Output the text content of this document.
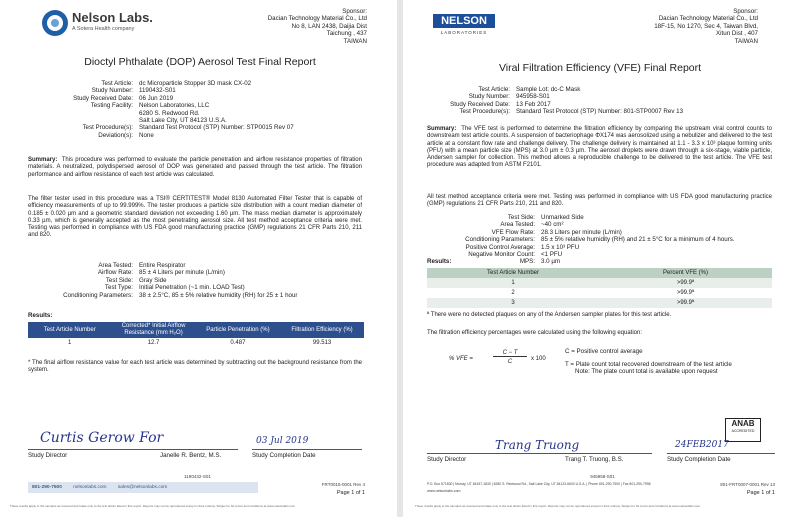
Nelson Labs.
A Sotera Health company
Sponsor:
Dacian Technology Material Co., Ltd
No 8, LAN 2438, Daijia Dist
Taichung , 437
TAIWAN
Dioctyl Phthalate (DOP) Aerosol Test Final Report
Test Article: dc Microparticle Stopper 3D mask CX-02
Study Number: 1190432-S01
Study Received Date: 06 Jun 2019
Testing Facility: Nelson Laboratories, LLC
6280 S. Redwood Rd.
Salt Lake City, UT 84123 U.S.A.
Test Procedure(s): Standard Test Protocol (STP) Number: STP0015 Rev 07
Deviation(s): None
Summary: This procedure was performed to evaluate the particle penetration and airflow resistance properties of filtration materials. A neutralized, polydispersed aerosol of DOP was generated and passed through the test article. The filtration performance and airflow resistance of each test article was calculated.
The filter tester used in this procedure was a TSI® CERTITEST® Model 8130 Automated Filter Tester that is capable of efficiency measurements of up to 99.999%. The tester produces a particle size distribution with a count median diameter of 0.185 ± 0.020 µm and a geometric standard deviation not exceeding 1.60 µm. The mass median diameter is approximately 0.33 µm, which is generally accepted as the most penetrating aerosol size. All test method acceptance criteria were met. Testing was performed in compliance with US FDA good manufacturing practice (GMP) regulations 21 CFR Parts 210, 211 and 820.
Area Tested: Entire Respirator
Airflow Rate: 85 ± 4 Liters per minute (L/min)
Test Side: Gray Side
Test Type: Initial Penetration (~1 min. LOAD Test)
Conditioning Parameters: 38 ± 2.5°C, 85 ± 5% relative humidity (RH) for 25 ± 1 hour
Results:
Test Article Number	Corrected* Initial Airflow Resistance (mm H₂O)	Particle Penetration (%)	Filtration Efficiency (%)
1	12.7	0.487	99.513
* The final airflow resistance value for each test article was determined by subtracting out the background resistance from the system.
Curtis Gerow For	03 Jul 2019
Study Director	Janelle R. Bentz, M.S.	Study Completion Date
1190432-S01
801-290-7500 nelsonlabs.com sales@nelsonlabs.com
FRT0015-0001 Rev 4
Page 1 of 1
These results apply to the samples as received and relate only to the test article listed in this report. Reports may not be reproduced except in their entirety. Subject to NL terms and conditions at www.nelsonlabs.com
NELSON
LABORATORIES
Sponsor:
Dacian Technology Material Co., Ltd
18F-15, No 1270, Sec 4, Taiwan Blvd,
Xitun Dist , 407
TAIWAN
Viral Filtration Efficiency (VFE) Final Report
Test Article: Sample Lot: dc-C Mask
Study Number: 945958-S01
Study Received Date: 13 Feb 2017
Test Procedure(s): Standard Test Protocol (STP) Number: 801-STP0007 Rev 13
Summary: The VFE test is performed to determine the filtration efficiency by comparing the upstream viral control counts to downstream test article counts. A suspension of bacteriophage ΦX174 was aerosolized using a nebulizer and delivered to the test article at a constant flow rate and challenge delivery. The challenge delivery is maintained at 1.1 - 3.3 x 10³ plaque forming units (PFU) with a mean particle size (MPS) at 3.0 µm ± 0.3 µm. The aerosol droplets were drawn through a six-stage, viable particle, Andersen sampler for collection. This method allows a reproducible challenge to be delivered to the test article. The VFE test procedure was adapted from ASTM F2101.
All test method acceptance criteria were met. Testing was performed in compliance with US FDA good manufacturing practice (GMP) regulations 21 CFR Parts 210, 211 and 820.
Test Side: Unmarked Side
Area Tested: ~40 cm²
VFE Flow Rate: 28.3 Liters per minute (L/min)
Conditioning Parameters: 85 ± 5% relative humidity (RH) and 21 ± 5°C for a minimum of 4 hours.
Positive Control Average: 1.5 x 10³ PFU
Negative Monitor Count: <1 PFU
MPS: 3.0 µm
Results:
Test Article Number	Percent VFE (%)
1	>99.9ª
2	>99.9ª
3	>99.9ª
ª There were no detected plaques on any of the Andersen sampler plates for this test article.
The filtration efficiency percentages were calculated using the following equation:
% VFE =
C − T
C	x 100
C = Positive control average
T = Plate count total recovered downstream of the test article
Note: The plate count total is available upon request
ANAB
ACCREDITED
Trang Truong	24FEB2017
Study Director	Trang T. Truong, B.S.	Study Completion Date
945958-S01
P.O. Box 571830 | Murray, UT 84157-1830 | 6280 S. Redwood Rd., Salt Lake City, UT 84123-6600 U.S.A. | Phone 801-290-7500 | Fax 801-290-7998
www.nelsonlabs.com
801-FRT0007-0001 Rev 13
Page 1 of 1
These results apply to the samples as received and relate only to the test article listed in this report. Reports may not be reproduced except in their entirety. Subject to NL terms and conditions at www.nelsonlabs.com
